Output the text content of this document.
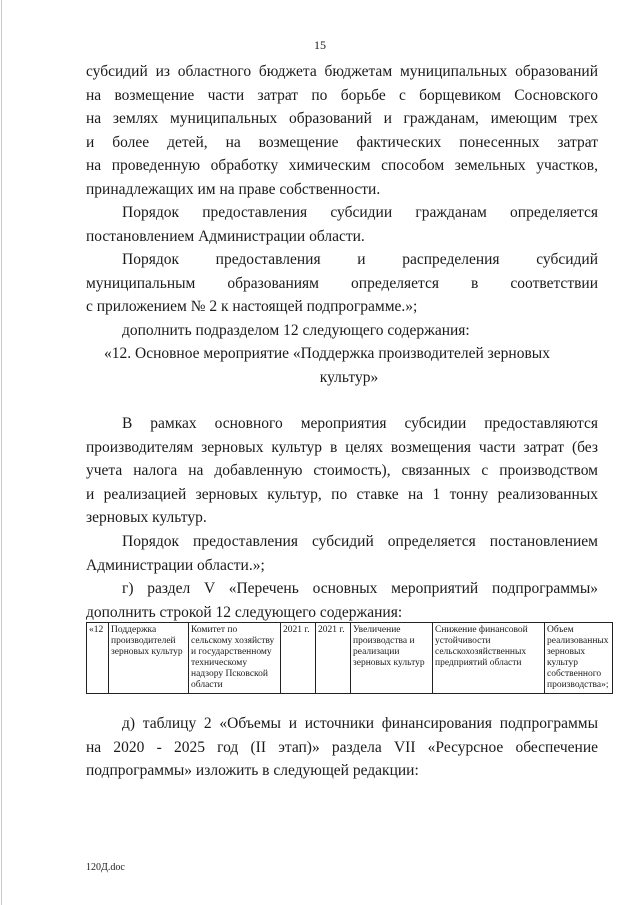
15
субсидий из областного бюджета бюджетам муниципальных образований
на возмещение части затрат по борьбе с борщевиком Сосновского
на землях муниципальных образований и гражданам, имеющим трех
и более детей, на возмещение фактических понесенных затрат
на проведенную обработку химическим способом земельных участков,
принадлежащих им на праве собственности.
Порядок предоставления субсидии гражданам определяется
постановлением Администрации области.
Порядок предоставления и распределения субсидий
муниципальным образованиям определяется в соответствии
с приложением № 2 к настоящей подпрограмме.»;
дополнить подразделом 12 следующего содержания:
«12. Основное мероприятие «Поддержка производителей зерновых
культур»
В рамках основного мероприятия субсидии предоставляются
производителям зерновых культур в целях возмещения части затрат (без
учета налога на добавленную стоимость), связанных с производством
и реализацией зерновых культур, по ставке на 1 тонну реализованных
зерновых культур.
Порядок предоставления субсидий определяется постановлением
Администрации области.»;
г) раздел V «Перечень основных мероприятий подпрограммы»
дополнить строкой 12 следующего содержания:
«12	Поддержка производителей зерновых культур	Комитет по сельскому хозяйству и государственному техническому надзору Псковской области	2021 г.	2021 г.	Увеличение производства и реализации зерновых культур	Снижение финансовой устойчивости сельскохозяйственных предприятий области	Объем реализованных зерновых культур собственного производства»;
д) таблицу 2 «Объемы и источники финансирования подпрограммы
на 2020 - 2025 год (II этап)» раздела VII «Ресурсное обеспечение
подпрограммы» изложить в следующей редакции:
120Д.doc
